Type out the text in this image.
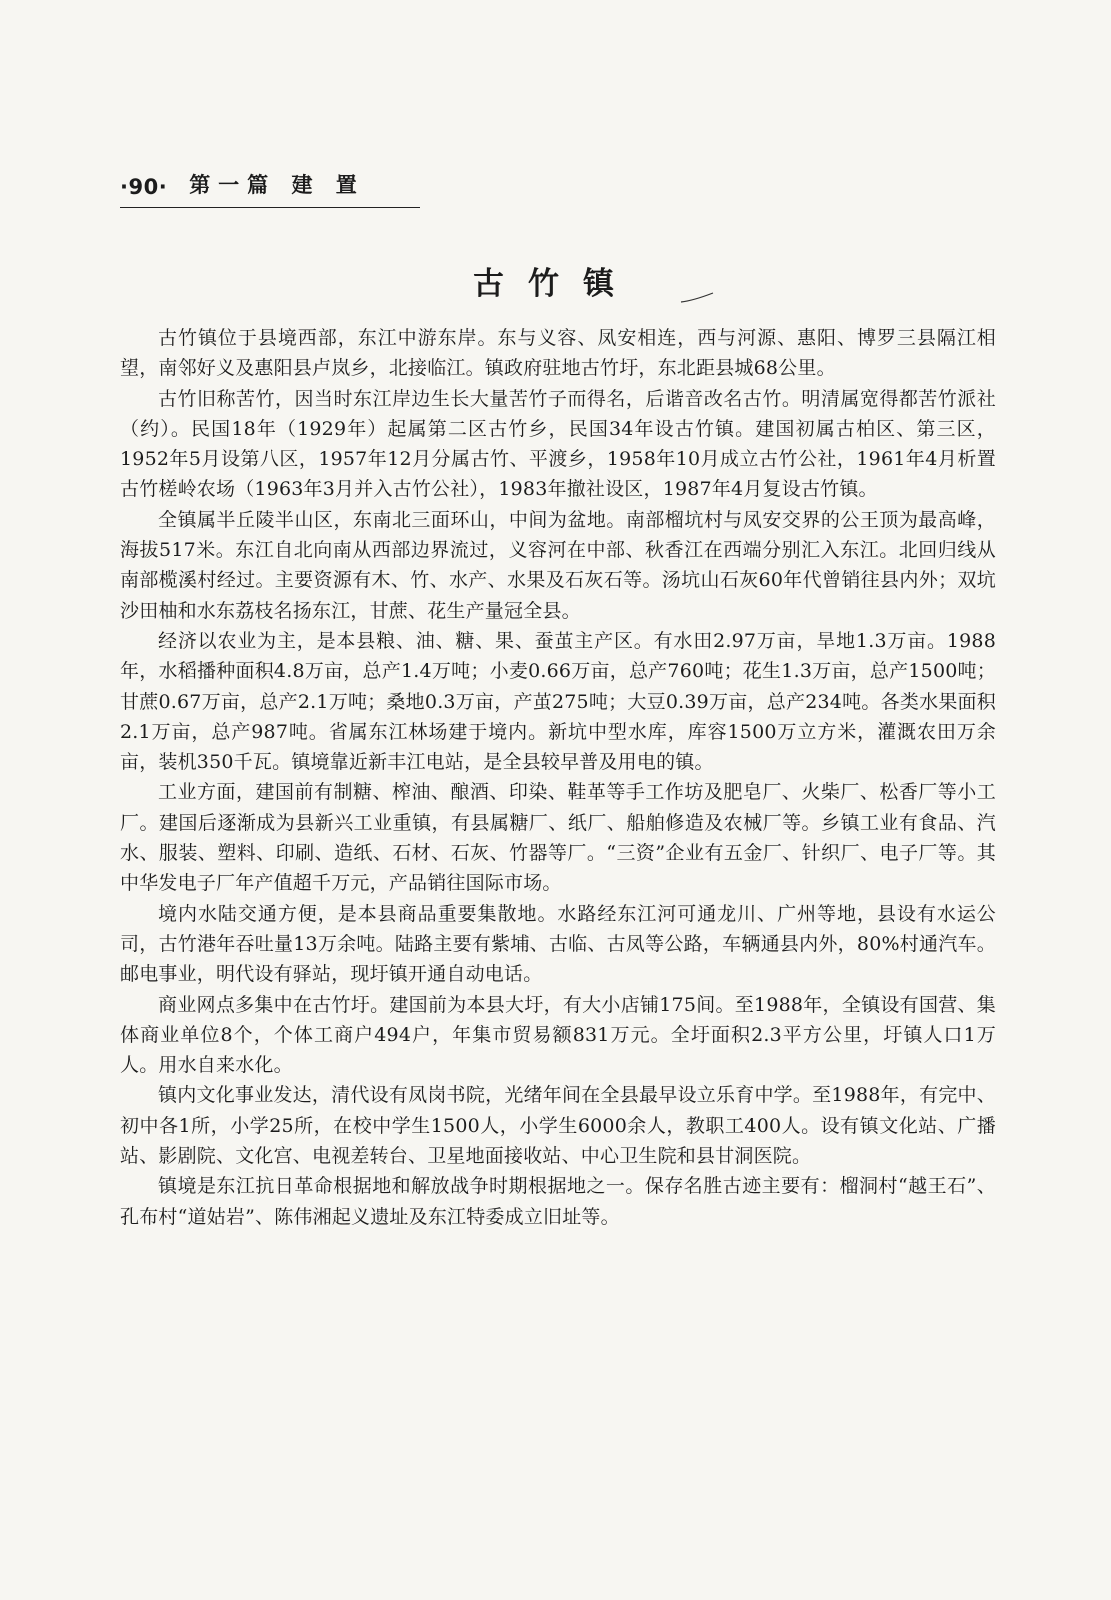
·90· 第一篇 建 置
古竹镇

古竹镇位于县境西部，东江中游东岸。东与义容、凤安相连，西与河源、惠阳、博罗三县隔江相望，南邻好义及惠阳县卢岚乡，北接临江。镇政府驻地古竹圩，东北距县城68公里。

古竹旧称苦竹，因当时东江岸边生长大量苦竹子而得名，后谐音改名古竹。明清属宽得都苦竹派社（约）。民国18年（1929年）起属第二区古竹乡，民国34年设古竹镇。建国初属古柏区、第三区，1952年5月设第八区，1957年12月分属古竹、平渡乡，1958年10月成立古竹公社，1961年4月析置古竹槎岭农场（1963年3月并入古竹公社），1983年撤社设区，1987年4月复设古竹镇。

全镇属半丘陵半山区，东南北三面环山，中间为盆地。南部榴坑村与凤安交界的公王顶为最高峰，海拔517米。东江自北向南从西部边界流过，义容河在中部、秋香江在西端分别汇入东江。北回归线从南部榄溪村经过。主要资源有木、竹、水产、水果及石灰石等。汤坑山石灰60年代曾销往县内外；双坑沙田柚和水东荔枝名扬东江，甘蔗、花生产量冠全县。

经济以农业为主，是本县粮、油、糖、果、蚕茧主产区。有水田2.97万亩，旱地1.3万亩。1988年，水稻播种面积4.8万亩，总产1.4万吨；小麦0.66万亩，总产760吨；花生1.3万亩，总产1500吨；甘蔗0.67万亩，总产2.1万吨；桑地0.3万亩，产茧275吨；大豆0.39万亩，总产234吨。各类水果面积2.1万亩，总产987吨。省属东江林场建于境内。新坑中型水库，库容1500万立方米，灌溉农田万余亩，装机350千瓦。镇境靠近新丰江电站，是全县较早普及用电的镇。

工业方面，建国前有制糖、榨油、酿酒、印染、鞋革等手工作坊及肥皂厂、火柴厂、松香厂等小工厂。建国后逐渐成为县新兴工业重镇，有县属糖厂、纸厂、船舶修造及农械厂等。乡镇工业有食品、汽水、服装、塑料、印刷、造纸、石材、石灰、竹器等厂。“三资”企业有五金厂、针织厂、电子厂等。其中华发电子厂年产值超千万元，产品销往国际市场。

境内水陆交通方便，是本县商品重要集散地。水路经东江河可通龙川、广州等地，县设有水运公司，古竹港年吞吐量13万余吨。陆路主要有紫埔、古临、古凤等公路，车辆通县内外，80%村通汽车。邮电事业，明代设有驿站，现圩镇开通自动电话。

商业网点多集中在古竹圩。建国前为本县大圩，有大小店铺175间。至1988年，全镇设有国营、集体商业单位8个，个体工商户494户，年集市贸易额831万元。全圩面积2.3平方公里，圩镇人口1万人。用水自来水化。

镇内文化事业发达，清代设有凤岗书院，光绪年间在全县最早设立乐育中学。至1988年，有完中、初中各1所，小学25所，在校中学生1500人，小学生6000余人，教职工400人。设有镇文化站、广播站、影剧院、文化宫、电视差转台、卫星地面接收站、中心卫生院和县甘洞医院。

镇境是东江抗日革命根据地和解放战争时期根据地之一。保存名胜古迹主要有：榴洞村“越王石”、孔布村“道姑岩”、陈伟湘起义遗址及东江特委成立旧址等。
